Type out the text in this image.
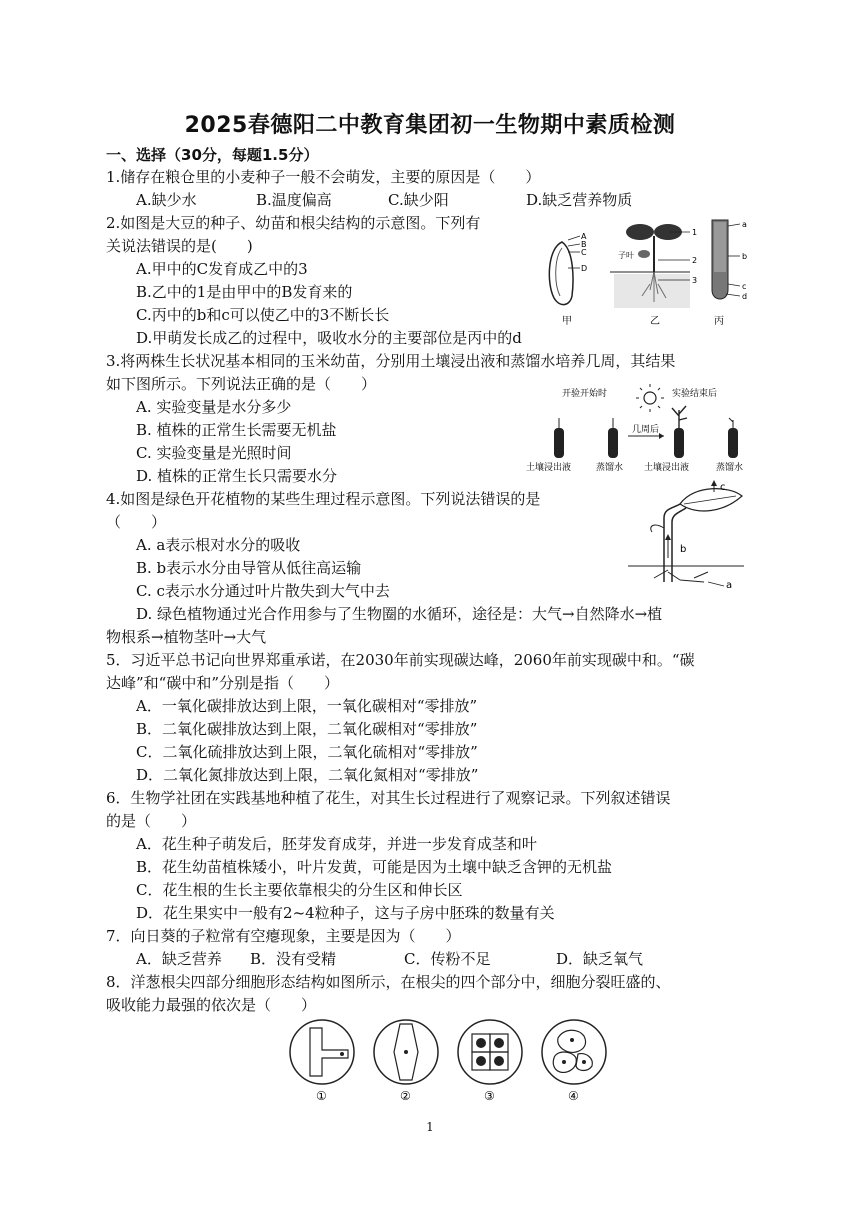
2025春德阳二中教育集团初一生物期中素质检测
一、选择（30分，每题1.5分）
1.储存在粮仓里的小麦种子一般不会萌发，主要的原因是（　　）
A.缺少水	B.温度偏高	C.缺少阳	D.缺乏营养物质
2.如图是大豆的种子、幼苗和根尖结构的示意图。下列有
关说法错误的是(　　)
A.甲中的C发育成乙中的3
B.乙中的1是由甲中的B发育来的
C.丙中的b和c可以使乙中的3不断长长
D.甲萌发长成乙的过程中，吸收水分的主要部位是丙中的d
A
B
C
D
甲
子叶
1
2
3
乙
a
b
c
d
丙
3.将两株生长状况基本相同的玉米幼苗，分别用土壤浸出液和蒸馏水培养几周，其结果
如下图所示。下列说法正确的是（　　）
A. 实验变量是水分多少
B. 植株的正常生长需要无机盐
C. 实验变量是光照时间
D. 植株的正常生长只需要水分
开验开始时	实验结束后
几周后
土壤浸出液	蒸馏水 土壤浸出液	蒸馏水
4.如图是绿色开花植物的某些生理过程示意图。下列说法错误的是
（　　）
A. a表示根对水分的吸收
B. b表示水分由导管从低往高运输
C. c表示水分通过叶片散失到大气中去
D. 绿色植物通过光合作用参与了生物圈的水循环，途径是：大气→自然降水→植
物根系→植物茎叶→大气
c
b
a
5．习近平总书记向世界郑重承诺，在2030年前实现碳达峰，2060年前实现碳中和。“碳
达峰”和“碳中和”分别是指（　　）
A．一氧化碳排放达到上限，一氧化碳相对“零排放”
B．二氧化碳排放达到上限，二氧化碳相对“零排放”
C．二氧化硫排放达到上限，二氧化硫相对“零排放”
D．二氧化氮排放达到上限，二氧化氮相对“零排放”
6．生物学社团在实践基地种植了花生，对其生长过程进行了观察记录。下列叙述错误
的是（　　）
A．花生种子萌发后，胚芽发育成芽，并进一步发育成茎和叶
B．花生幼苗植株矮小，叶片发黄，可能是因为土壤中缺乏含钾的无机盐
C．花生根的生长主要依靠根尖的分生区和伸长区
D．花生果实中一般有2~4粒种子，这与子房中胚珠的数量有关
7．向日葵的子粒常有空瘪现象，主要是因为（　　）
A．缺乏营养 B．没有受精	C．传粉不足	D．缺乏氧气
8．洋葱根尖四部分细胞形态结构如图所示，在根尖的四个部分中，细胞分裂旺盛的、
吸收能力最强的依次是（　　）
①	②	③	④
1
